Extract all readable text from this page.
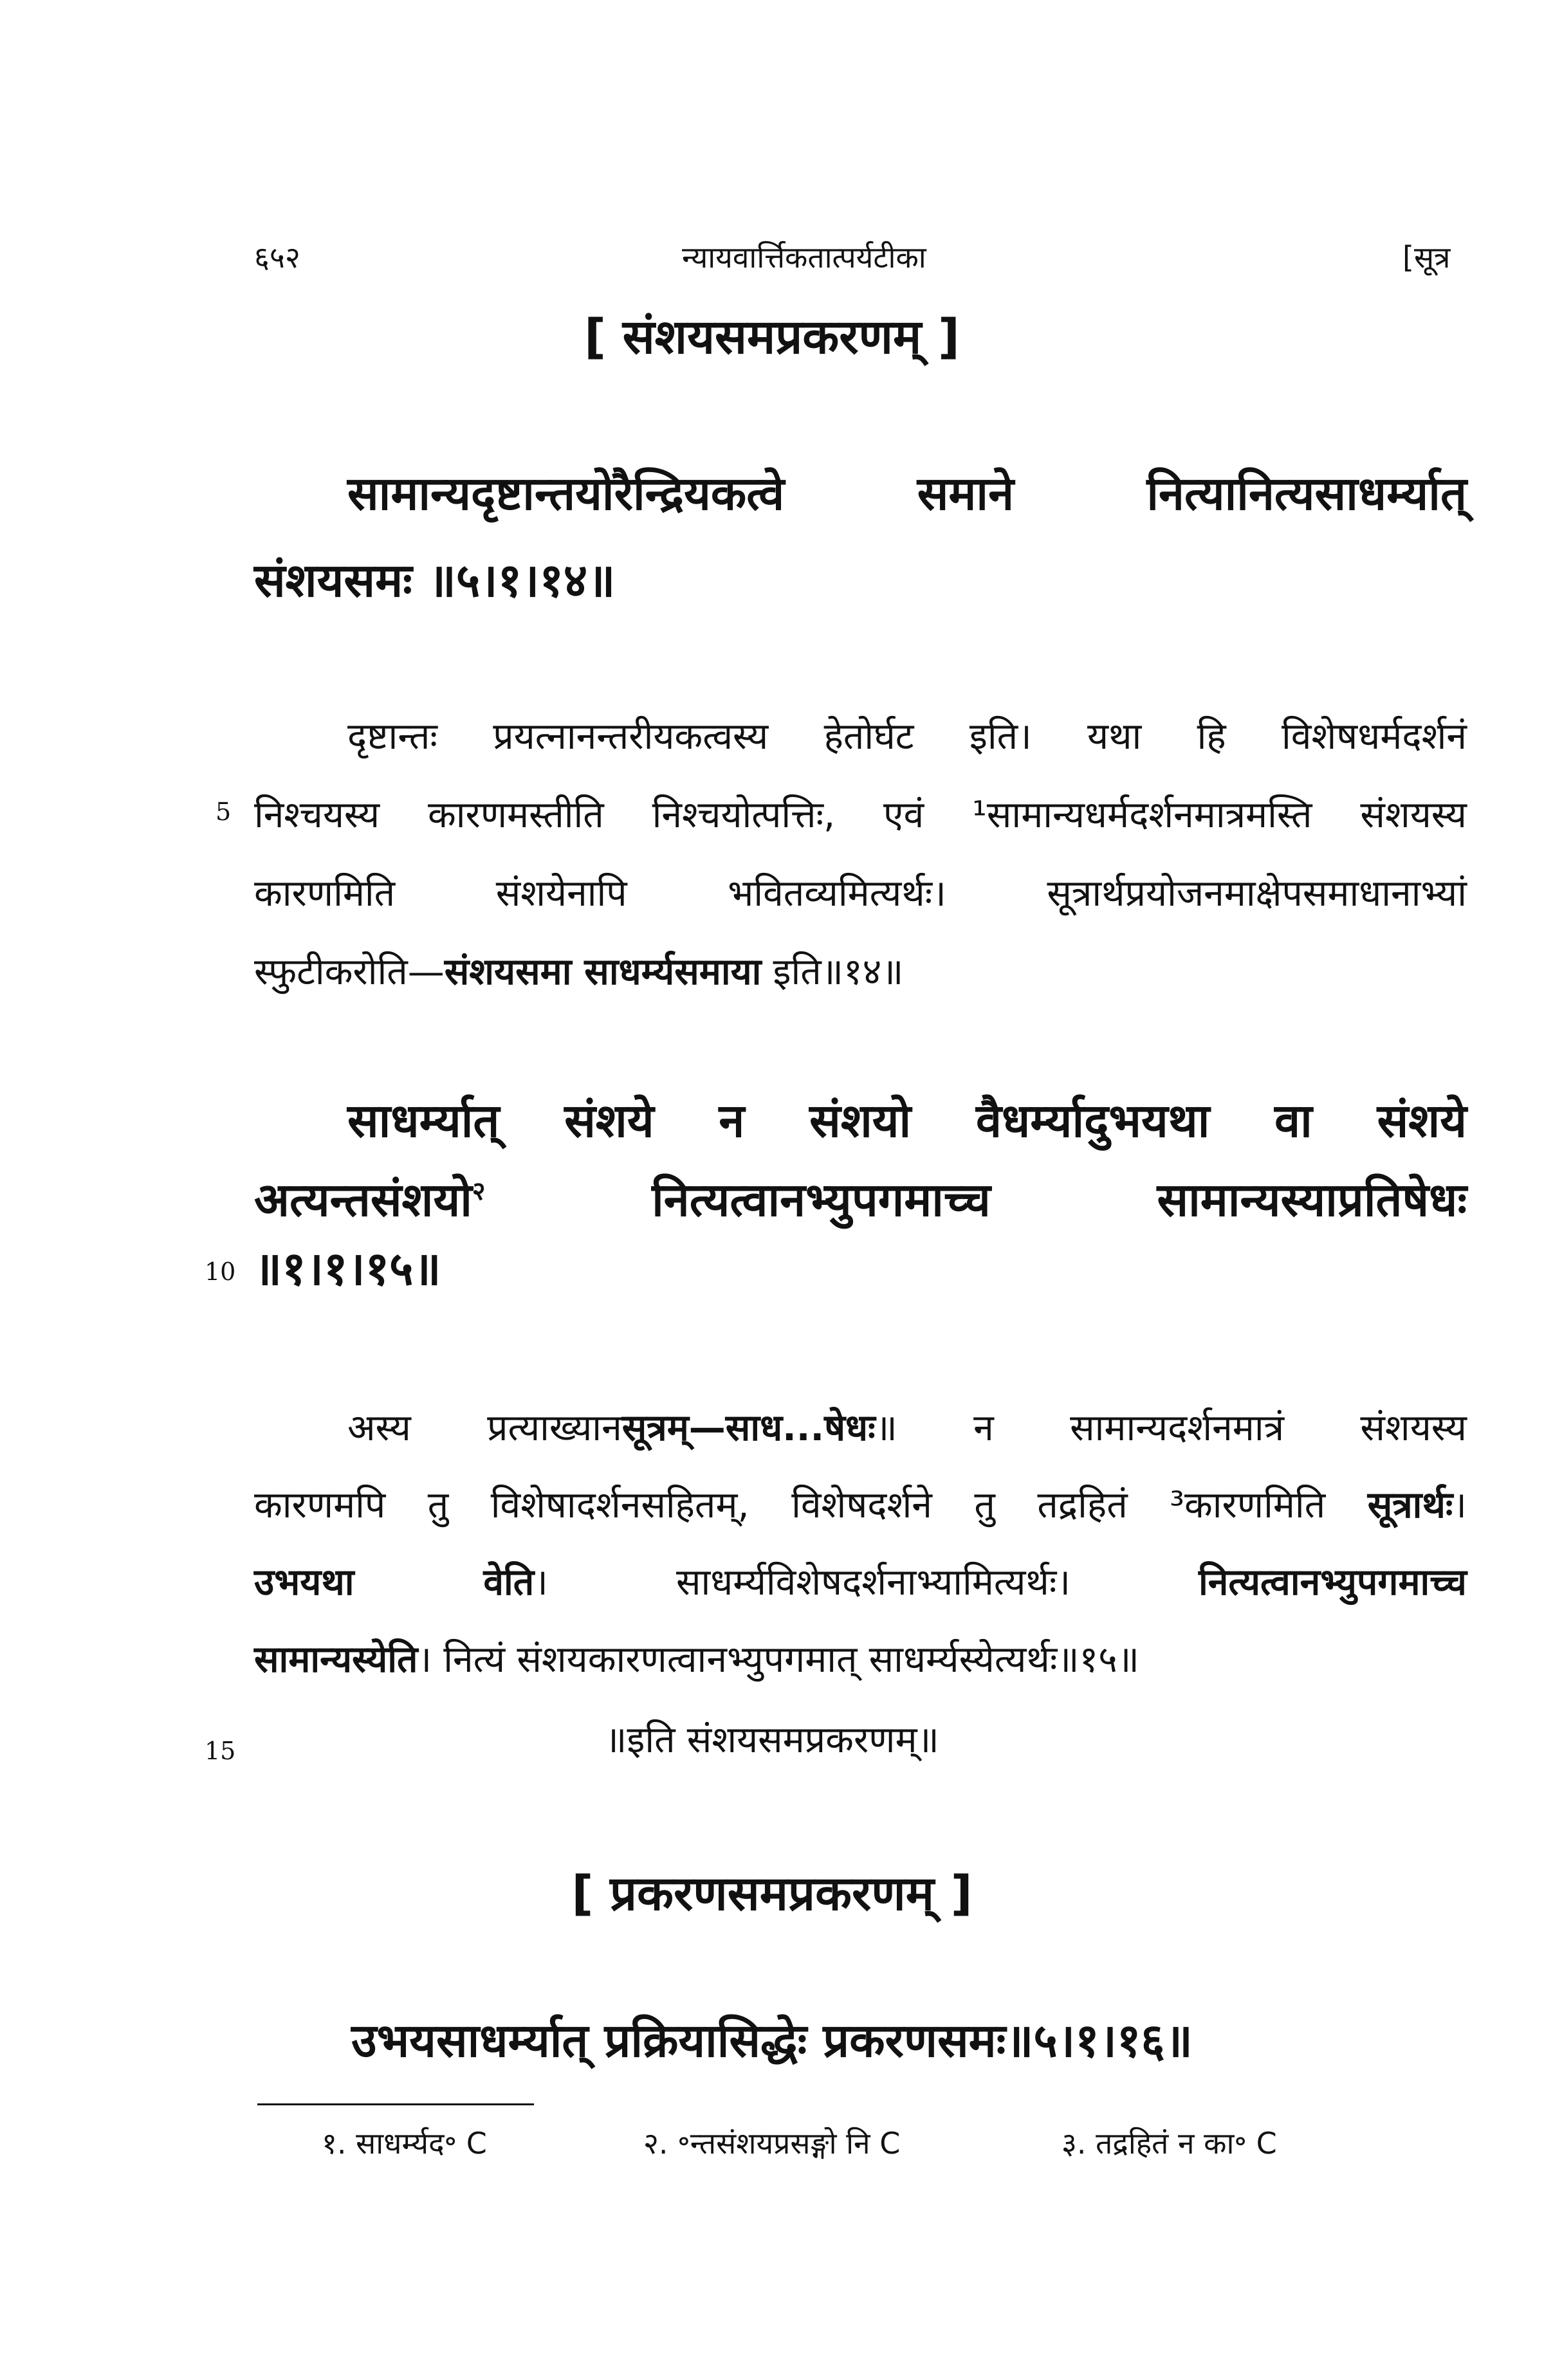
६५२	न्यायवार्त्तिकतात्पर्यटीका	[सूत्र
[ संशयसमप्रकरणम् ]
सामान्यदृष्टान्तयोरैन्द्रियकत्वे समाने नित्यानित्यसाधर्म्यात्
संशयसमः ॥५।१।१४॥
दृष्टान्तः प्रयत्नानन्तरीयकत्वस्य हेतोर्घट इति। यथा हि विशेषधर्मदर्शनं
5 निश्चयस्य कारणमस्तीति निश्चयोत्पत्तिः, एवं ¹सामान्यधर्मदर्शनमात्रमस्ति संशयस्य
कारणमिति संशयेनापि भवितव्यमित्यर्थः। सूत्रार्थप्रयोजनमाक्षेपसमाधानाभ्यां
स्फुटीकरोति—संशयसमा साधर्म्यसमाया इति॥१४॥
साधर्म्यात् संशये न संशयो वैधर्म्यादुभयथा वा संशये
अत्यन्तसंशयो$^२$ नित्यत्वानभ्युपगमाच्च सामान्यस्याप्रतिषेधः
10 ॥१।१।१५॥
अस्य प्रत्याख्यानसूत्रम्—साध...षेधः॥ न सामान्यदर्शनमात्रं संशयस्य
कारणमपि तु विशेषादर्शनसहितम्, विशेषदर्शने तु तद्रहितं ³कारणमिति सूत्रार्थः।
उभयथा वेति। साधर्म्यविशेषदर्शनाभ्यामित्यर्थः। नित्यत्वानभ्युपगमाच्च
सामान्यस्येति। नित्यं संशयकारणत्वानभ्युपगमात् साधर्म्यस्येत्यर्थः॥१५॥
15	॥इति संशयसमप्रकरणम्॥
[ प्रकरणसमप्रकरणम् ]
उभयसाधर्म्यात् प्रक्रियासिद्धेः प्रकरणसमः॥५।१।१६॥
१. साधर्म्यद॰ C	२. ॰न्तसंशयप्रसङ्गो नि C	३. तद्रहितं न का॰ C
